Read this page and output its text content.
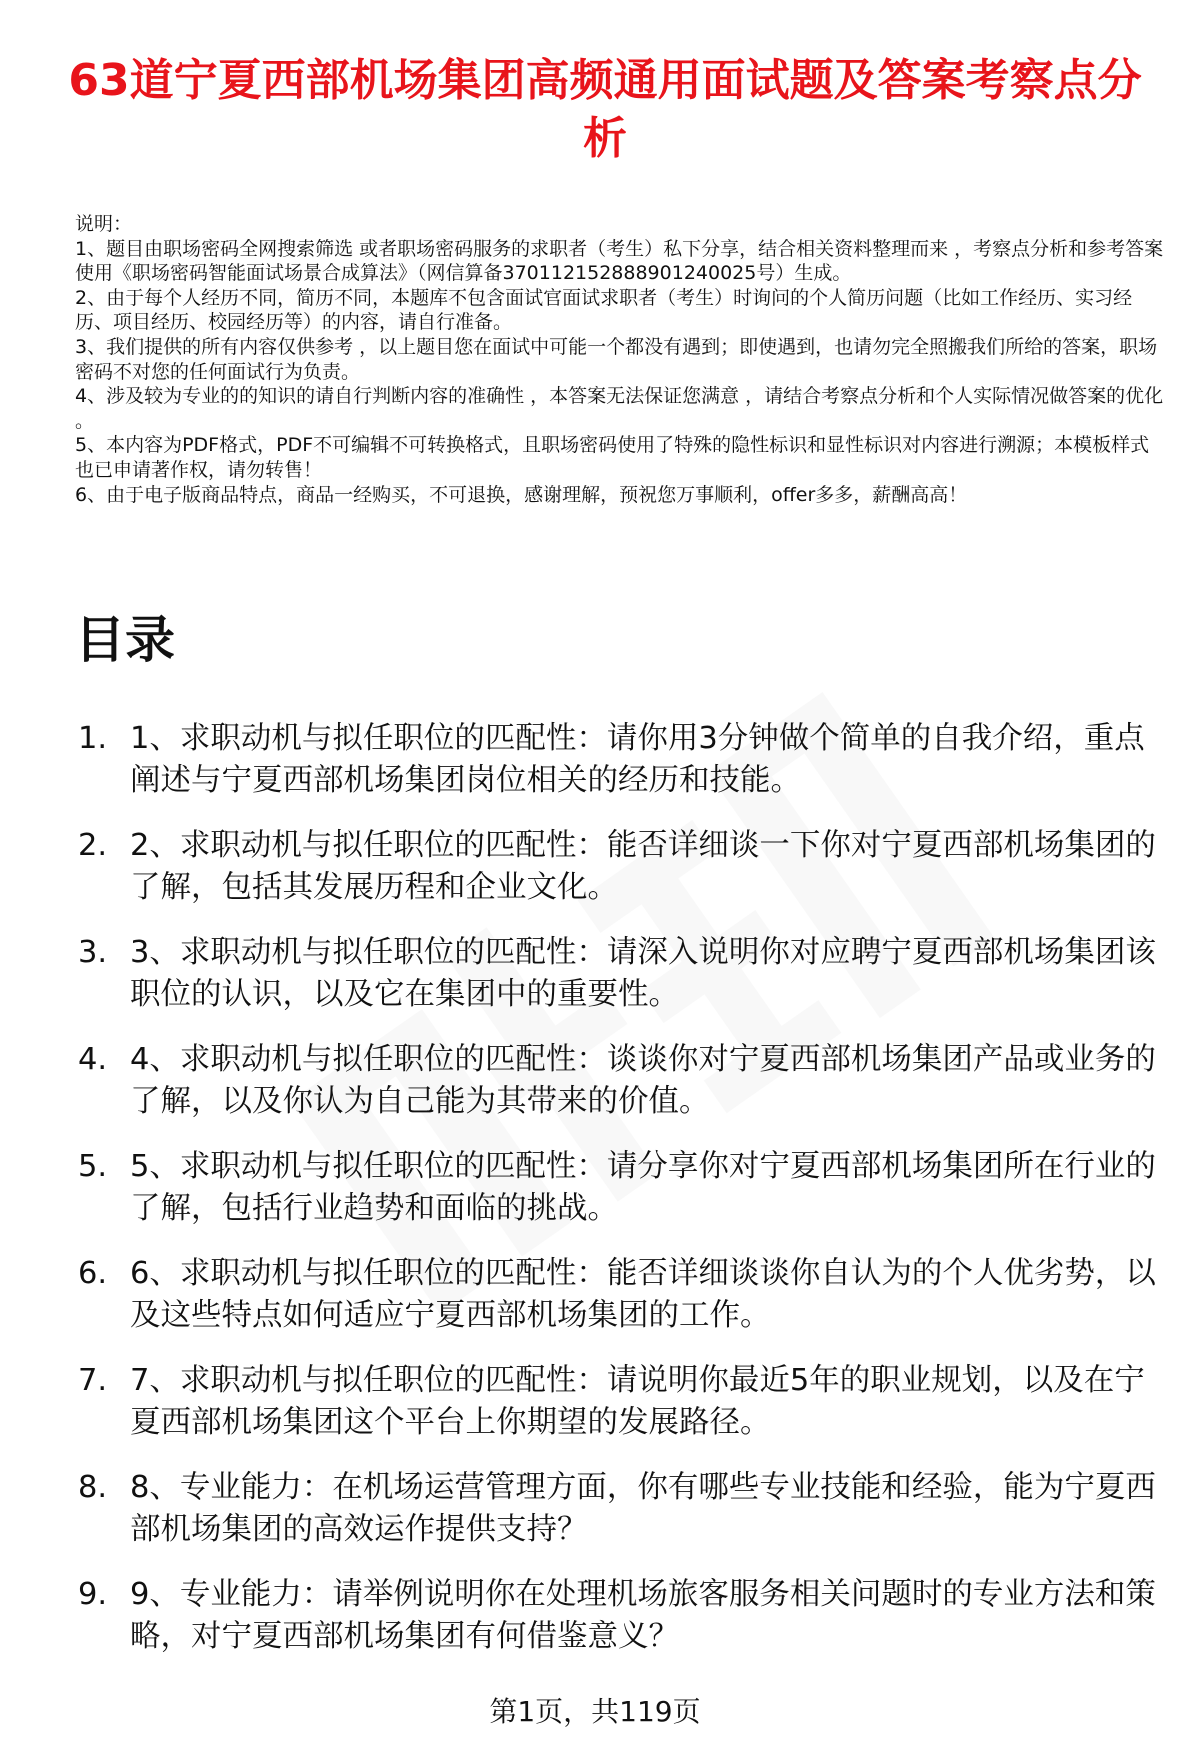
63道宁夏西部机场集团高频通用面试题及答案考察点分析

说明：

1、题目由职场密码全网搜索筛选 或者职场密码服务的求职者（考生）私下分享，结合相关资料整理而来 ，考察点分析和参考答案使用《职场密码智能面试场景合成算法》（网信算备370112152888901240025号）生成。

2、由于每个人经历不同，简历不同，本题库不包含面试官面试求职者（考生）时询问的个人简历问题（比如工作经历、实习经历、项目经历、校园经历等）的内容，请自行准备。

3、我们提供的所有内容仅供参考 ，以上题目您在面试中可能一个都没有遇到；即使遇到，也请勿完全照搬我们所给的答案，职场密码不对您的任何面试行为负责。

4、涉及较为专业的的知识的请自行判断内容的准确性 ，本答案无法保证您满意 ，请结合考察点分析和个人实际情况做答案的优化 。

5、本内容为PDF格式，PDF不可编辑不可转换格式，且职场密码使用了特殊的隐性标识和显性标识对内容进行溯源；本模板样式也已申请著作权，请勿转售！

6、由于电子版商品特点，商品一经购买，不可退换，感谢理解，预祝您万事顺利，offer多多，薪酬高高！

目录
1. 1、求职动机与拟任职位的匹配性：请你用3分钟做个简单的自我介绍，重点阐述与宁夏西部机场集团岗位相关的经历和技能。
2. 2、求职动机与拟任职位的匹配性：能否详细谈一下你对宁夏西部机场集团的了解，包括其发展历程和企业文化。
3. 3、求职动机与拟任职位的匹配性：请深入说明你对应聘宁夏西部机场集团该职位的认识，以及它在集团中的重要性。
4. 4、求职动机与拟任职位的匹配性：谈谈你对宁夏西部机场集团产品或业务的了解，以及你认为自己能为其带来的价值。
5. 5、求职动机与拟任职位的匹配性：请分享你对宁夏西部机场集团所在行业的了解，包括行业趋势和面临的挑战。
6. 6、求职动机与拟任职位的匹配性：能否详细谈谈你自认为的个人优劣势，以及这些特点如何适应宁夏西部机场集团的工作。
7. 7、求职动机与拟任职位的匹配性：请说明你最近5年的职业规划，以及在宁夏西部机场集团这个平台上你期望的发展路径。
8. 8、专业能力：在机场运营管理方面，你有哪些专业技能和经验，能为宁夏西部机场集团的高效运作提供支持？
9. 9、专业能力：请举例说明你在处理机场旅客服务相关问题时的专业方法和策略，对宁夏西部机场集团有何借鉴意义？
第1页，共119页
